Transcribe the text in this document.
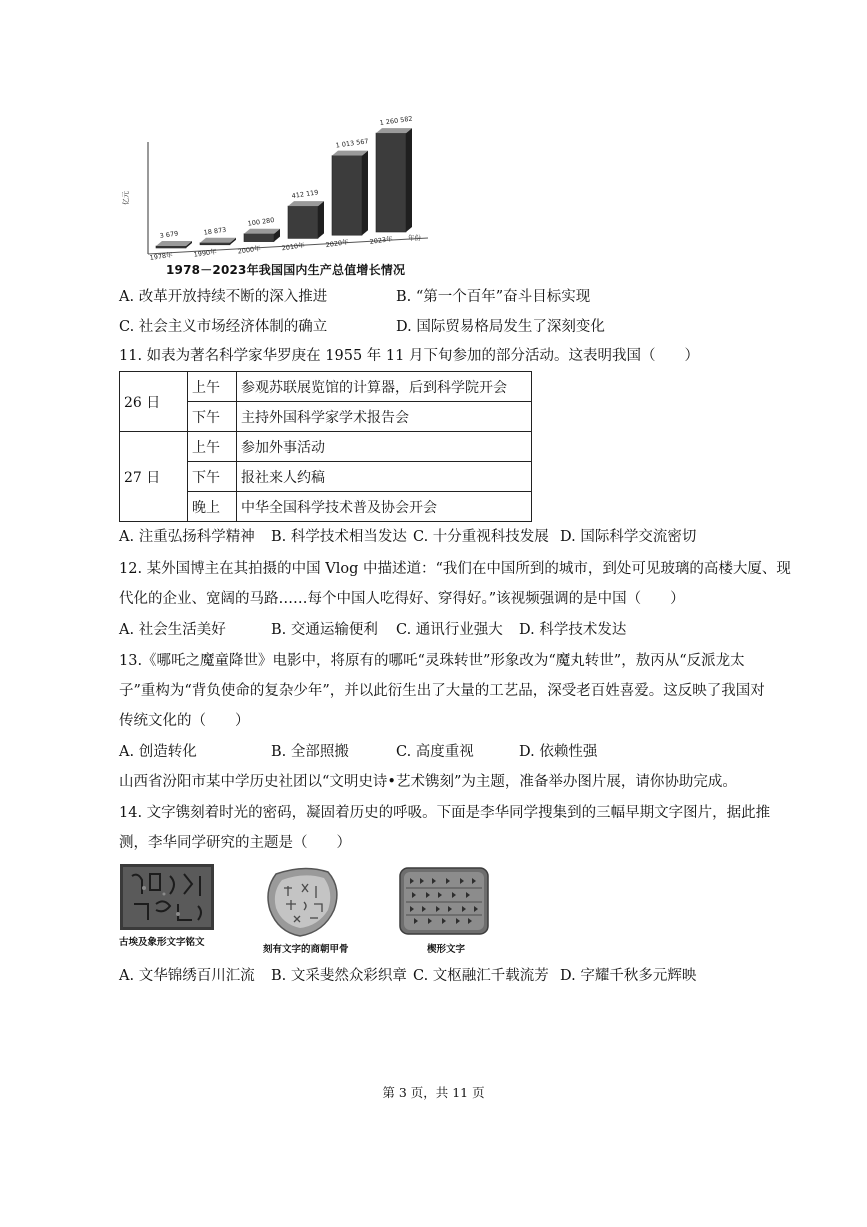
亿元
3 679
1978年
18 873
1990年
100 280
2000年
412 119
2010年
1 013 567
2020年
1 260 582
2023年 年份
1978－2023年我国国内生产总值增长情况
A. 改革开放持续不断的深入推进	B. “第一个百年”奋斗目标实现
C. 社会主义市场经济体制的确立	D. 国际贸易格局发生了深刻变化
11. 如表为著名科学家华罗庚在 1955 年 11 月下旬参加的部分活动。这表明我国（　　）
26 日	上午	参观苏联展览馆的计算器，后到科学院开会
	下午	主持外国科学家学术报告会
27 日	上午	参加外事活动
	下午	报社来人约稿
	晚上	中华全国科学技术普及协会开会
A. 注重弘扬科学精神 B. 科学技术相当发达 C. 十分重视科技发展 D. 国际科学交流密切
12. 某外国博主在其拍摄的中国 Vlog 中描述道：“我们在中国所到的城市，到处可见玻璃的高楼大厦、现
代化的企业、宽阔的马路……每个中国人吃得好、穿得好。”该视频强调的是中国（　　）
A. 社会生活美好	B. 交通运输便利 C. 通讯行业强大 D. 科学技术发达
13.《哪吒之魔童降世》电影中，将原有的哪吒“灵珠转世”形象改为“魔丸转世”，敖丙从“反派龙太
子”重构为“背负使命的复杂少年”，并以此衍生出了大量的工艺品，深受老百姓喜爱。这反映了我国对
传统文化的（　　）
A. 创造转化	B. 全部照搬	C. 高度重视	D. 依赖性强
山西省汾阳市某中学历史社团以“文明史诗•艺术镌刻”为主题，准备举办图片展，请你协助完成。
14. 文字镌刻着时光的密码，凝固着历史的呼吸。下面是李华同学搜集到的三幅早期文字图片，据此推
测，李华同学研究的主题是（　　）
古埃及象形文字铭文
刻有文字的商朝甲骨	楔形文字
A. 文华锦绣百川汇流 B. 文采斐然众彩织章 C. 文枢融汇千载流芳 D. 字耀千秋多元辉映
第 3 页，共 11 页
